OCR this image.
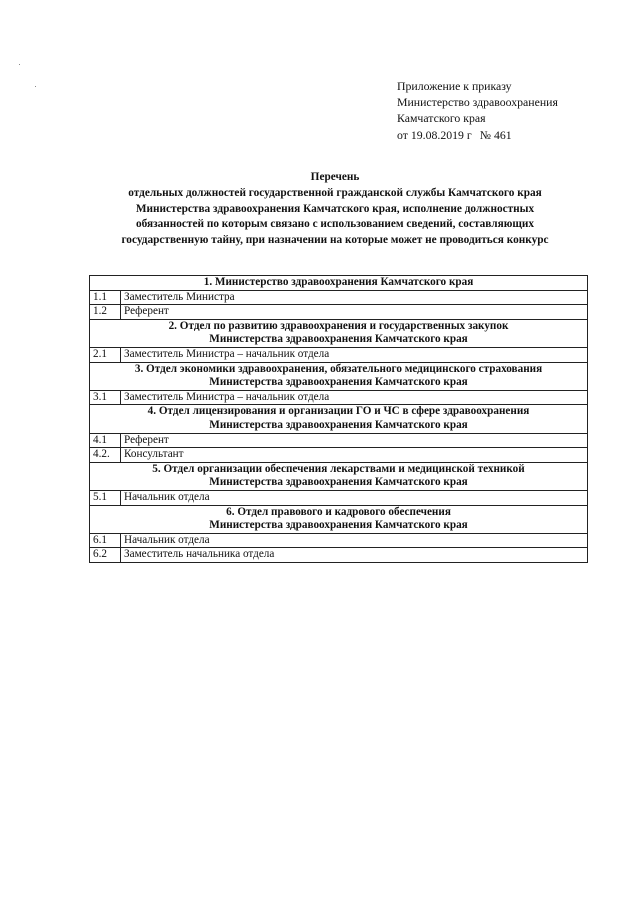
Приложение к приказу
Министерство здравоохранения
Камчатского края
от 19.08.2019 г № 461
Перечень
отдельных должностей государственной гражданской службы Камчатского края
Министерства здравоохранения Камчатского края, исполнение должностных
обязанностей по которым связано с использованием сведений, составляющих
государственную тайну, при назначении на которые может не проводиться конкурс
1. Министерство здравоохранения Камчатского края	

1.1	Заместитель Министра
1.2	Референт

2. Отдел по развитию здравоохранения и государственных закупок
Министерства здравоохранения Камчатского края	

2.1	Заместитель Министра – начальник отдела

3. Отдел экономики здравоохранения, обязательного медицинского страхования
Министерства здравоохранения Камчатского края	

3.1	Заместитель Министра – начальник отдела

4. Отдел лицензирования и организации ГО и ЧС в сфере здравоохранения
Министерства здравоохранения Камчатского края	

4.1	Референт
4.2.	Консультант

5. Отдел организации обеспечения лекарствами и медицинской техникой
Министерства здравоохранения Камчатского края	

5.1	Начальник отдела

6. Отдел правового и кадрового обеспечения
Министерства здравоохранения Камчатского края	

6.1	Начальник отдела
6.2	Заместитель начальника отдела
